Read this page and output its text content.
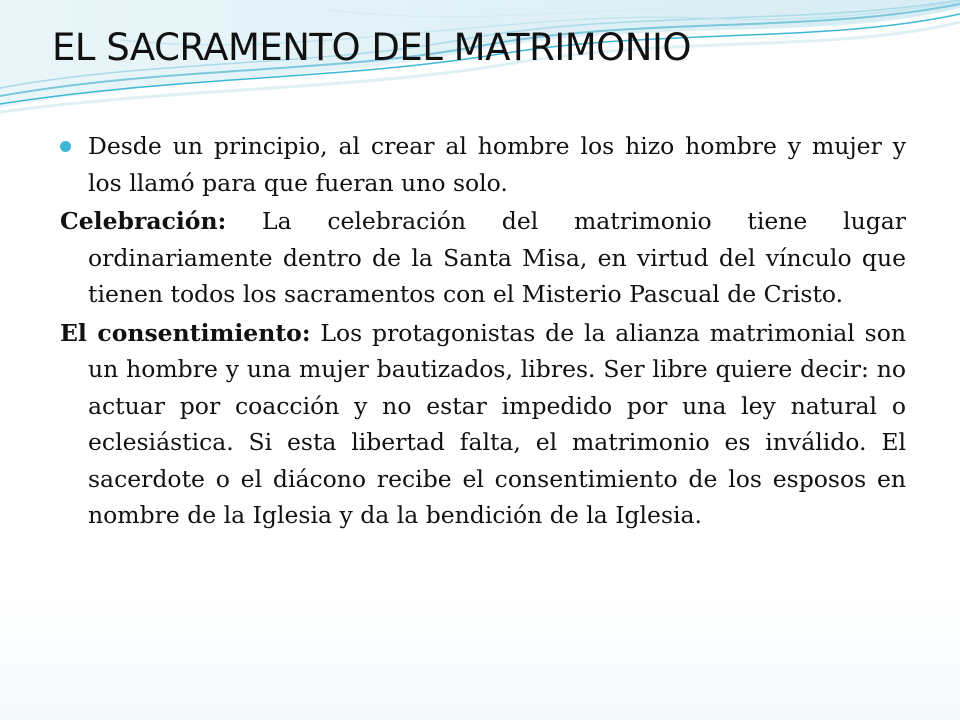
EL SACRAMENTO DEL MATRIMONIO

Desde un principio, al crear al hombre los hizo hombre y mujer y los llamó para que fueran uno solo.

Celebración: La celebración del matrimonio tiene lugar ordinariamente dentro de la Santa Misa, en virtud del vínculo que tienen todos los sacramentos con el Misterio Pascual de Cristo.

El consentimiento: Los protagonistas de la alianza matrimonial son un hombre y una mujer bautizados, libres. Ser libre quiere decir: no actuar por coacción y no estar impedido por una ley natural o eclesiástica. Si esta libertad falta, el matrimonio es inválido. El sacerdote o el diácono recibe el consentimiento de los esposos en nombre de la Iglesia y da la bendición de la Iglesia.
